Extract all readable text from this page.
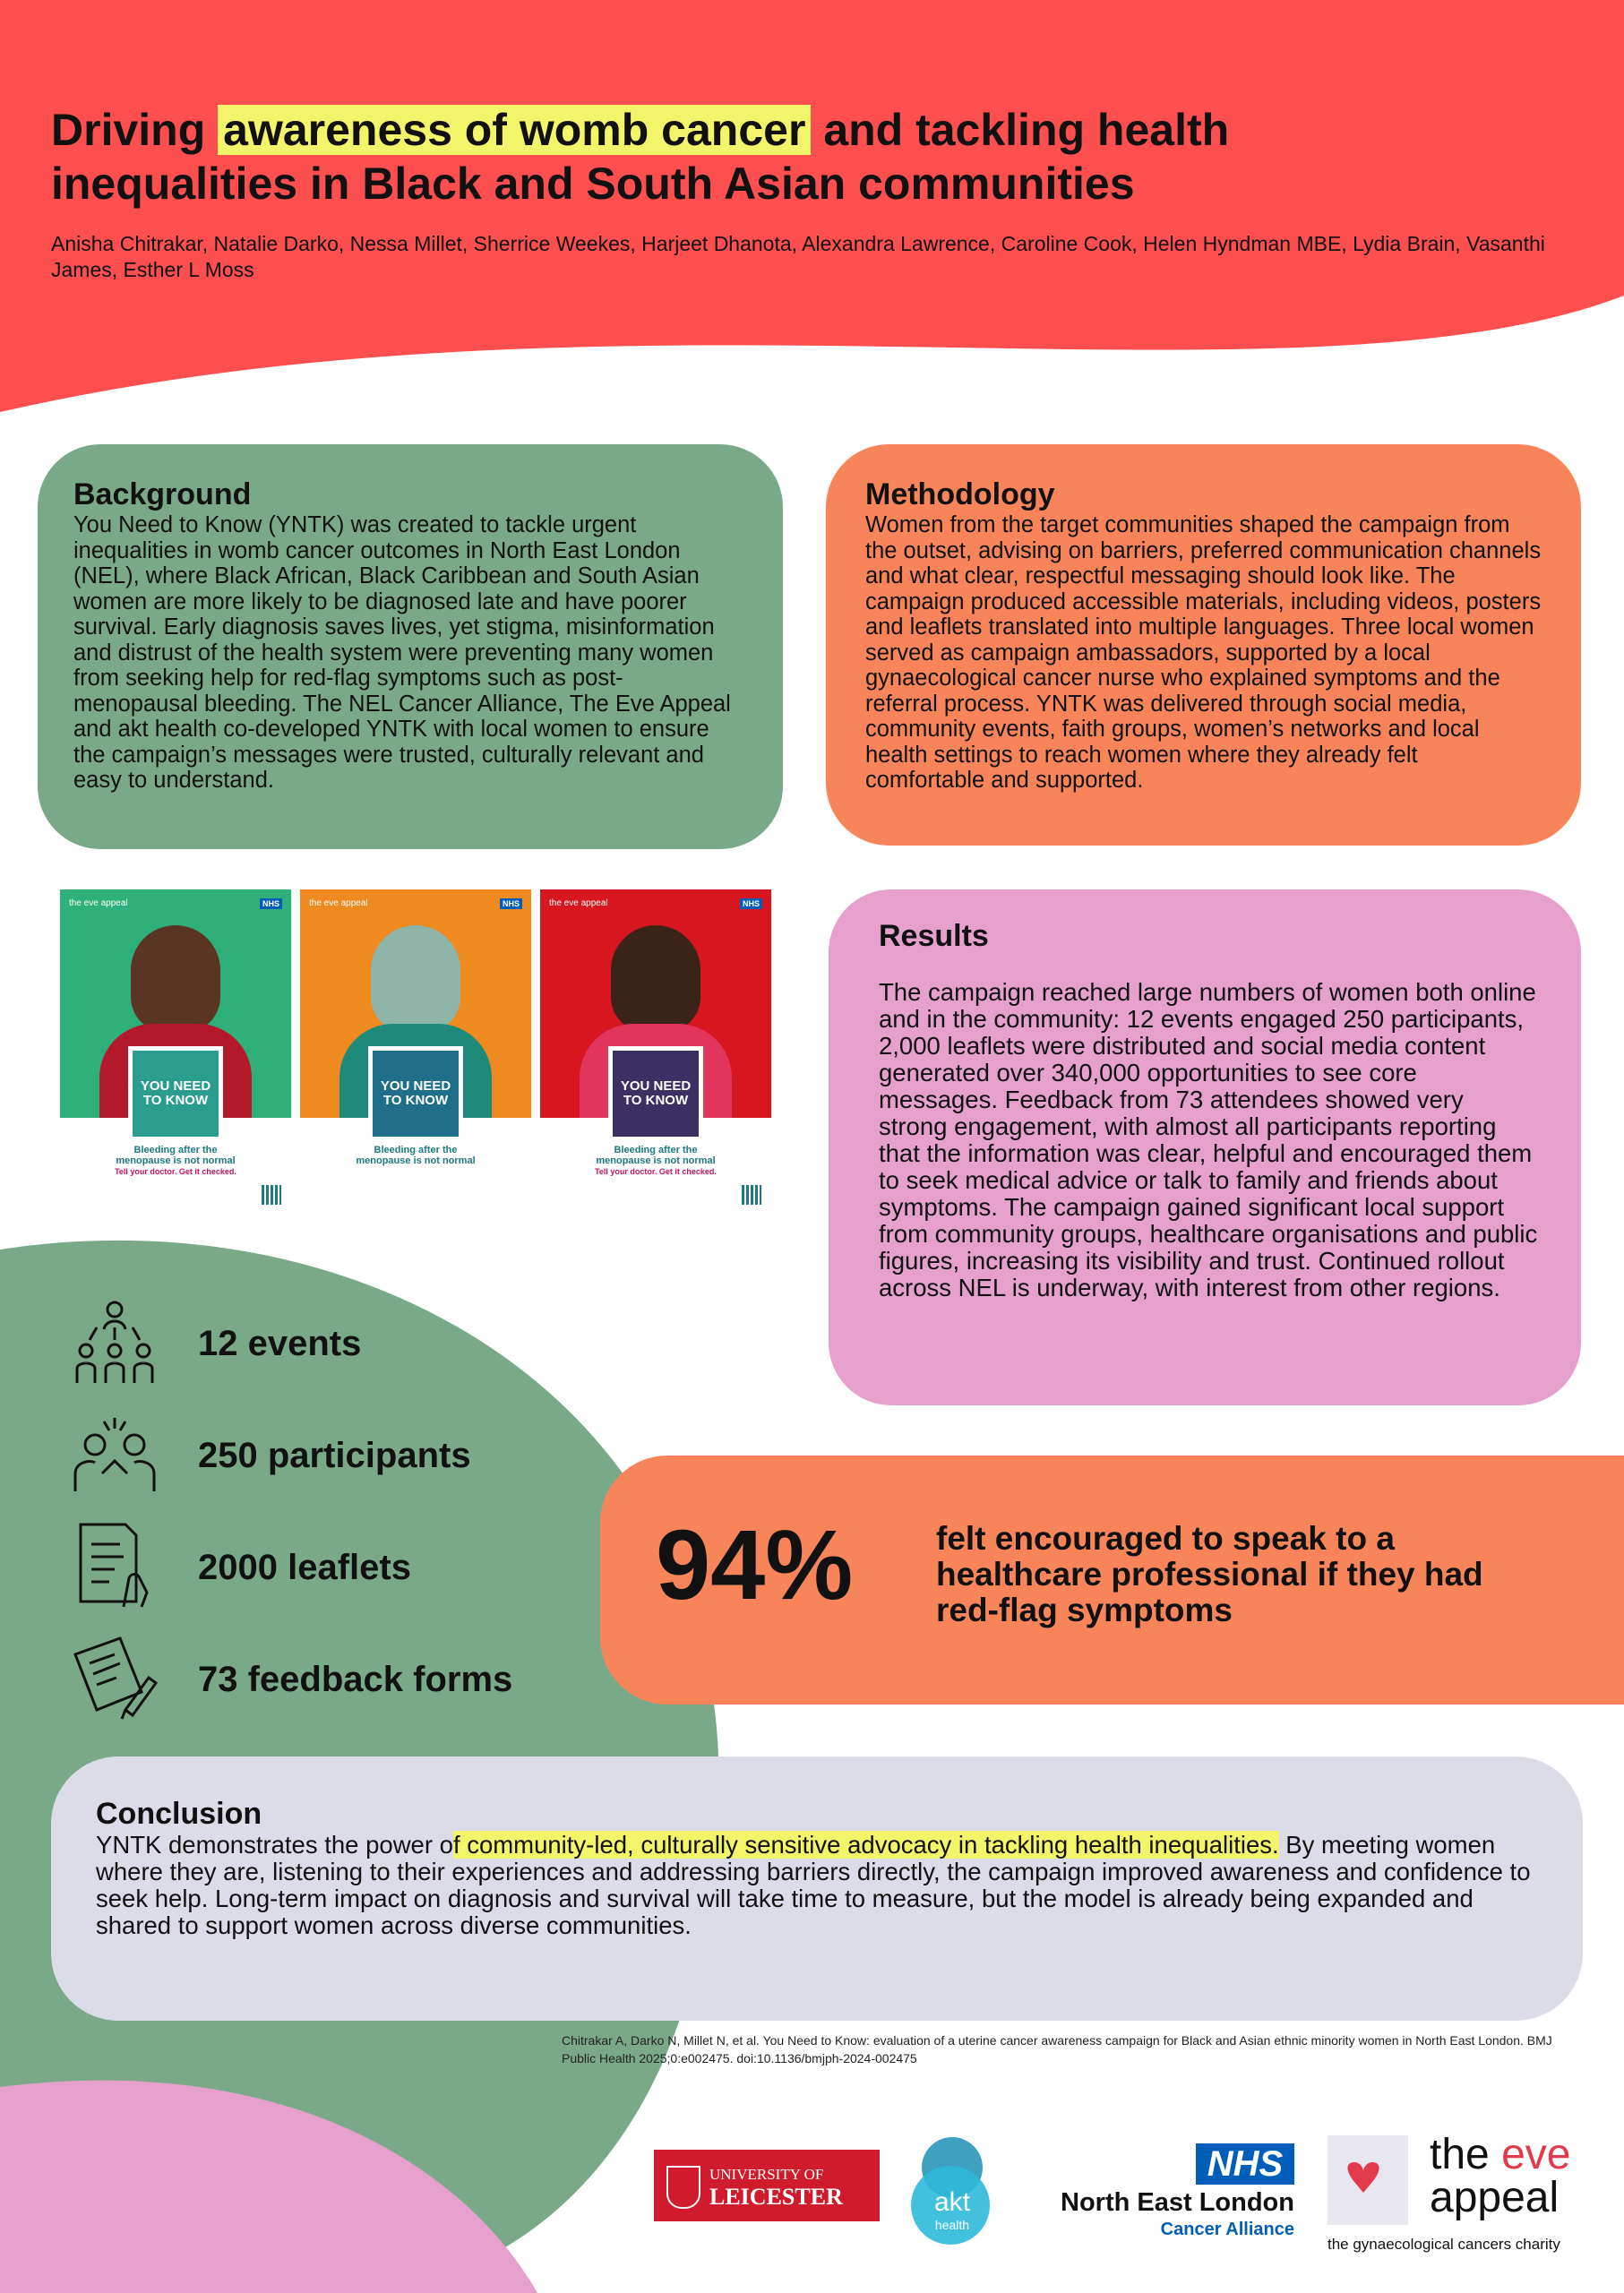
Driving awareness of womb cancer and tackling health
inequalities in Black and South Asian communities

Anisha Chitrakar, Natalie Darko, Nessa Millet, Sherrice Weekes, Harjeet Dhanota, Alexandra Lawrence, Caroline Cook, Helen Hyndman MBE, Lydia Brain, Vasanthi James, Esther L Moss

Background

You Need to Know (YNTK) was created to tackle urgent inequalities in womb cancer outcomes in North East London (NEL), where Black African, Black Caribbean and South Asian women are more likely to be diagnosed late and have poorer survival. Early diagnosis saves lives, yet stigma, misinformation and distrust of the health system were preventing many women from seeking help for red-flag symptoms such as post-menopausal bleeding. The NEL Cancer Alliance, The Eve Appeal and akt health co-developed YNTK with local women to ensure the campaign’s messages were trusted, culturally relevant and easy to understand.

Methodology

Women from the target communities shaped the campaign from the outset, advising on barriers, preferred communication channels and what clear, respectful messaging should look like. The campaign produced accessible materials, including videos, posters and leaflets translated into multiple languages. Three local women served as campaign ambassadors, supported by a local gynaecological cancer nurse who explained symptoms and the referral process. YNTK was delivered through social media, community events, faith groups, women’s networks and local health settings to reach women where they already felt comfortable and supported.

the eve appeal	NHS
YOU NEED TO KNOW
Bleeding after the
menopause is not normal
Tell your doctor. Get it checked.
the eve appeal	NHS
YOU NEED TO KNOW
Bleeding after the
menopause is not normal
the eve appeal	NHS
YOU NEED TO KNOW
Bleeding after the
menopause is not normal
Tell your doctor. Get it checked.
Results

The campaign reached large numbers of women both online and in the community: 12 events engaged 250 participants, 2,000 leaflets were distributed and social media content generated over 340,000 opportunities to see core messages. Feedback from 73 attendees showed very strong engagement, with almost all participants reporting that the information was clear, helpful and encouraged them to seek medical advice or talk to family and friends about symptoms. The campaign gained significant local support from community groups, healthcare organisations and public figures, increasing its visibility and trust. Continued rollout across NEL is underway, with interest from other regions.

12 events
250 participants
2000 leaflets
73 feedback forms
94%	felt encouraged to speak to a healthcare professional if they had red-flag symptoms
Conclusion

YNTK demonstrates the power of community-led, culturally sensitive advocacy in tackling health inequalities. By meeting women where they are, listening to their experiences and addressing barriers directly, the campaign improved awareness and confidence to seek help. Long-term impact on diagnosis and survival will take time to measure, but the model is already being expanded and shared to support women across diverse communities.

Chitrakar A, Darko N, Millet N, et al. You Need to Know: evaluation of a uterine cancer awareness campaign for Black and Asian ethnic minority women in North East London. BMJ Public Health 2025;0:e002475. doi:10.1136/bmjph-2024-002475

UNIVERSITY OF
LEICESTER	akt
health
NHS
North East London
Cancer Alliance
the eve
appeal
the gynaecological cancers charity
